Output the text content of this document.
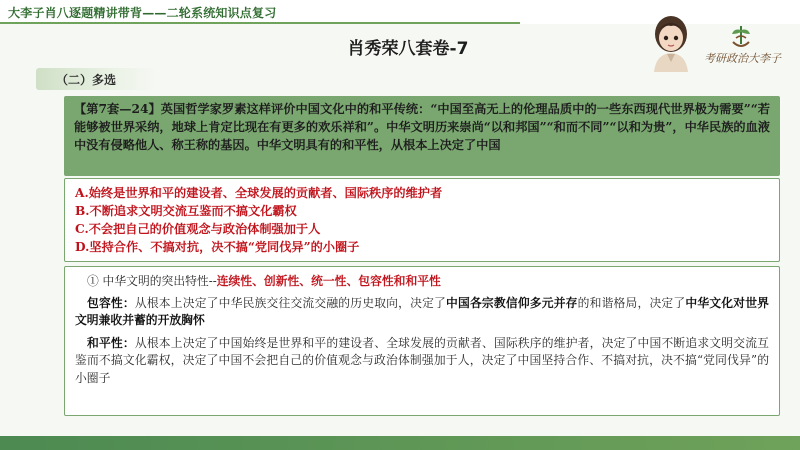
大李子肖八逐题精讲带背——二轮系统知识点复习
肖秀荣八套卷-7
（二）多选
考研政治大李子
【第7套—24】英国哲学家罗素这样评价中国文化中的和平传统：“中国至高无上的伦理品质中的一些东西现代世界极为需要”“若能够被世界采纳，地球上肯定比现在有更多的欢乐祥和”。中华文明历来崇尚“以和邦国”“和而不同”“以和为贵”，中华民族的血液中没有侵略他人、称王称的基因。中华文明具有的和平性，从根本上决定了中国
A.始终是世界和平的建设者、全球发展的贡献者、国际秩序的维护者
B.不断追求文明交流互鉴而不搞文化霸权
C.不会把自己的价值观念与政治体制强加于人
D.坚持合作、不搞对抗，决不搞“党同伐异”的小圈子
① 中华文明的突出特性--连续性、创新性、统一性、包容性和和平性
包容性：从根本上决定了中华民族交往交流交融的历史取向，决定了中国各宗教信仰多元并存的和谐格局，决定了中华文化对世界文明兼收并蓄的开放胸怀
和平性：从根本上决定了中国始终是世界和平的建设者、全球发展的贡献者、国际秩序的维护者，决定了中国不断追求文明交流互鉴而不搞文化霸权，决定了中国不会把自己的价值观念与政治体制强加于人，决定了中国坚持合作、不搞对抗，决不搞“党同伐异”的小圈子
